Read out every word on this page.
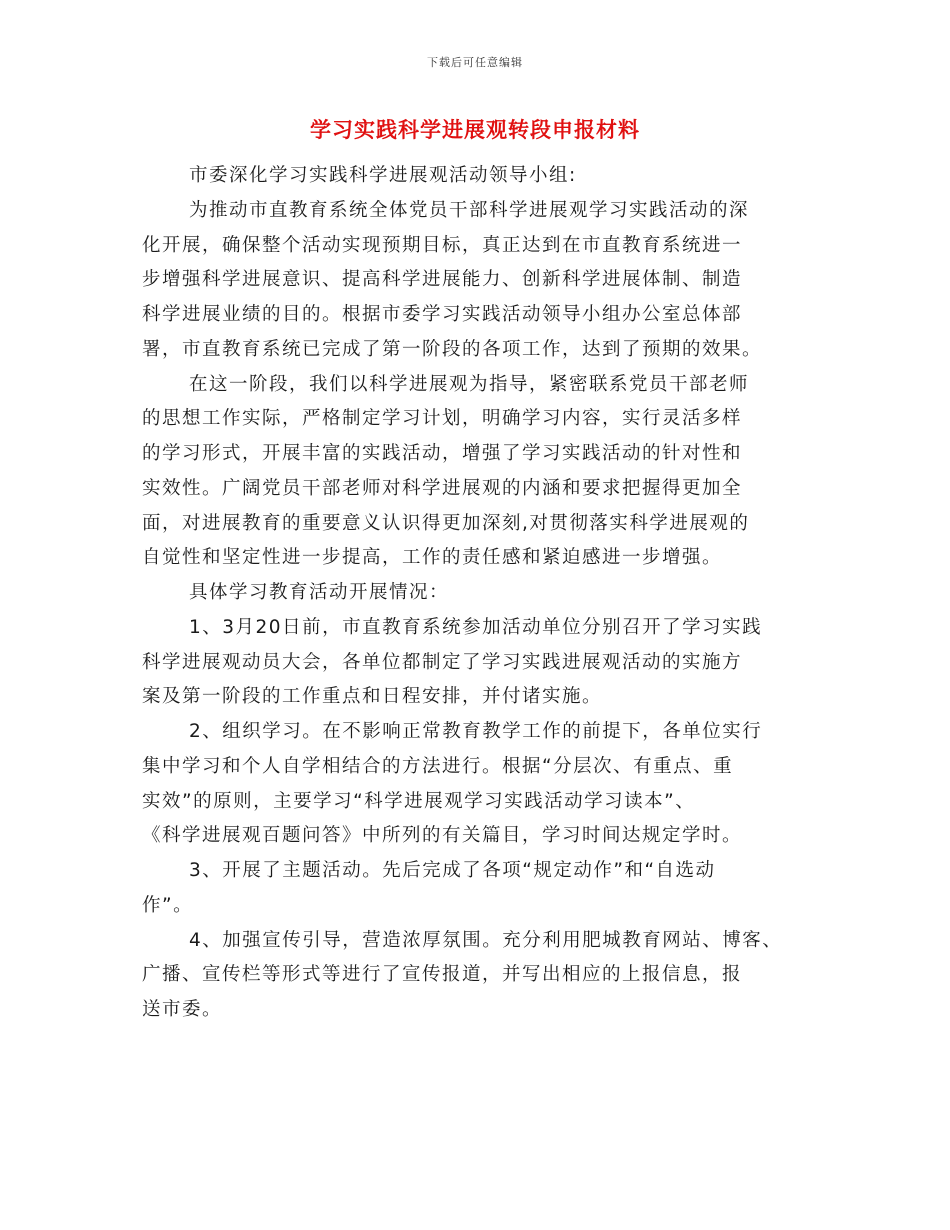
下载后可任意编辑
学习实践科学进展观转段申报材料
市委深化学习实践科学进展观活动领导小组:
为推动市直教育系统全体党员干部科学进展观学习实践活动的深
化开展，确保整个活动实现预期目标，真正达到在市直教育系统进一
步增强科学进展意识、提高科学进展能力、创新科学进展体制、制造
科学进展业绩的目的。根据市委学习实践活动领导小组办公室总体部
署，市直教育系统已完成了第一阶段的各项工作，达到了预期的效果。
在这一阶段，我们以科学进展观为指导，紧密联系党员干部老师
的思想工作实际，严格制定学习计划，明确学习内容，实行灵活多样
的学习形式，开展丰富的实践活动，增强了学习实践活动的针对性和
实效性。广阔党员干部老师对科学进展观的内涵和要求把握得更加全
面，对进展教育的重要意义认识得更加深刻,对贯彻落实科学进展观的
自觉性和坚定性进一步提高，工作的责任感和紧迫感进一步增强。
具体学习教育活动开展情况：
1、3月20日前，市直教育系统参加活动单位分别召开了学习实践
科学进展观动员大会，各单位都制定了学习实践进展观活动的实施方
案及第一阶段的工作重点和日程安排，并付诸实施。
2、组织学习。在不影响正常教育教学工作的前提下，各单位实行
集中学习和个人自学相结合的方法进行。根据“分层次、有重点、重
实效”的原则，主要学习“科学进展观学习实践活动学习读本”、
《科学进展观百题问答》中所列的有关篇目，学习时间达规定学时。
3、开展了主题活动。先后完成了各项“规定动作”和“自选动
作”。
4、加强宣传引导，营造浓厚氛围。充分利用肥城教育网站、博客、
广播、宣传栏等形式等进行了宣传报道，并写出相应的上报信息，报
送市委。
